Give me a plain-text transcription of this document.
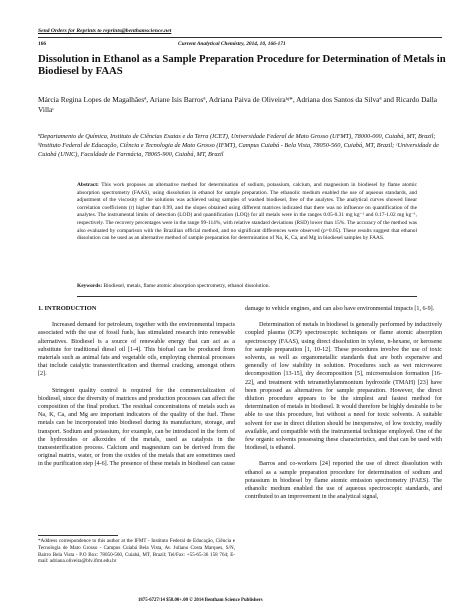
Send Orders for Reprints to reprints@benthamscience.net
166	Current Analytical Chemistry, 2014, 10, 166-171
Dissolution in Ethanol as a Sample Preparation Procedure for Determination of Metals in Biodiesel by FAAS
Márcia Regina Lopes de Magalhãesª, Ariane Isis Barrosª, Adriana Paiva de Oliveiraᵇʲ*, Adriana dos Santos da Silvaª and Ricardo Dalla Villaᶜ
ªDepartamento de Química, Instituto de Ciências Exatas e da Terra (ICET), Universidade Federal de Mato Grosso (UFMT), 78000-000, Cuiabá, MT, Brazil; ᵇInstituto Federal de Educação, Ciência e Tecnologia de Mato Grosso (IFMT), Campus Cuiabá - Bela Vista, 78050-560, Cuiabá, MT, Brazil; ᶜUniversidade de Cuiabá (UNIC), Faculdade de Farmácia, 78065-900, Cuiabá, MT, Brazil
Abstract: This work proposes an alternative method for determination of sodium, potassium, calcium, and magnesium in biodiesel by flame atomic absorption spectrometry (FAAS), using dissolution in ethanol for sample preparation. The ethanolic medium enabled the use of aqueous standards, and adjustment of the viscosity of the solutions was achieved using samples of washed biodiesel, free of the analytes. The analytical curves showed linear correlation coefficients (r) higher than 0.99, and the slopes obtained using different matrices indicated that there was no influence on quantification of the analytes. The instrumental limits of detection (LOD) and quantification (LOQ) for all metals were in the ranges 0.05-0.31 mg kg⁻¹ and 0.17-1.02 mg kg⁻¹, respectively. The recovery percentages were in the range 99-114%, with relative standard deviations (RSD) lower than 15%. The accuracy of the method was also evaluated by comparison with the Brazilian official method, and no significant differences were observed (p=0.05). These results suggest that ethanol dissolution can be used as an alternative method of sample preparation for determination of Na, K, Ca, and Mg in biodiesel samples by FAAS.
Keywords: Biodiesel, metals, flame atomic absorption spectrometry, ethanol dissolution.

1. INTRODUCTION

Increased demand for petroleum, together with the environmental impacts associated with the use of fossil fuels, has stimulated research into renewable alternatives. Biodiesel is a source of renewable energy that can act as a substitute for traditional diesel oil [1-4]. This biofuel can be produced from materials such as animal fats and vegetable oils, employing chemical processes that include catalytic transesterification and thermal cracking, amongst others [2].

Stringent quality control is required for the commercialization of biodiesel, since the diversity of matrices and production processes can affect the composition of the final product. The residual concentrations of metals such as Na, K, Ca, and Mg are important indicators of the quality of the fuel. These metals can be incorporated into biodiesel during its manufacture, storage, and transport. Sodium and potassium, for example, can be introduced in the form of the hydroxides or alkoxides of the metals, used as catalysts in the transesterification process. Calcium and magnesium can be derived from the original matrix, water, or from the oxides of the metals that are sometimes used in the purification step [4-6]. The presence of these metals in biodiesel can cause

damage to vehicle engines, and can also have environmental impacts [1, 6-9].

Determination of metals in biodiesel is generally performed by inductively coupled plasma (ICP) spectroscopic techniques or flame atomic absorption spectroscopy (FAAS), using direct dissolution in xylene, n-hexane, or kerosene for sample preparation [1, 10-12]. These procedures involve the use of toxic solvents, as well as organometallic standards that are both expensive and generally of low stability in solution. Procedures such as wet microwave decomposition [13-15], dry decomposition [5], microemulsion formation [16-22], and treatment with tetramethylammonium hydroxide (TMAH) [23] have been proposed as alternatives for sample preparation. However, the direct dilution procedure appears to be the simplest and fastest method for determination of metals in biodiesel. It would therefore be highly desirable to be able to use this procedure, but without a need for toxic solvents. A suitable solvent for use in direct dilution should be inexpensive, of low toxicity, readily available, and compatible with the instrumental technique employed. One of the few organic solvents possessing these characteristics, and that can be used with biodiesel, is ethanol.

Barros and co-workers [24] reported the use of direct dissolution with ethanol as a sample preparation procedure for determination of sodium and potassium in biodiesel by flame atomic emission spectrometry (FAES). The ethanolic medium enabled the use of aqueous spectroscopic standards, and contributed to an improvement in the analytical signal,

*Address correspondence to this author at the IFMT - Instituto Federal de Educação, Ciência e Tecnologia de Mato Grosso - Campus Cuiabá Bela Vista, Av. Juliano Costa Marques, S/N, Bairro Bela Vista - P.O Box: 78050-560, Cuiabá, MT, Brazil; Tel/Fax: +55-65-36 158 764; E-mail: adriana.oliveira@blv.ifmt.edu.br
1875-6727/14 $58.00+.00 © 2014 Bentham Science Publishers
